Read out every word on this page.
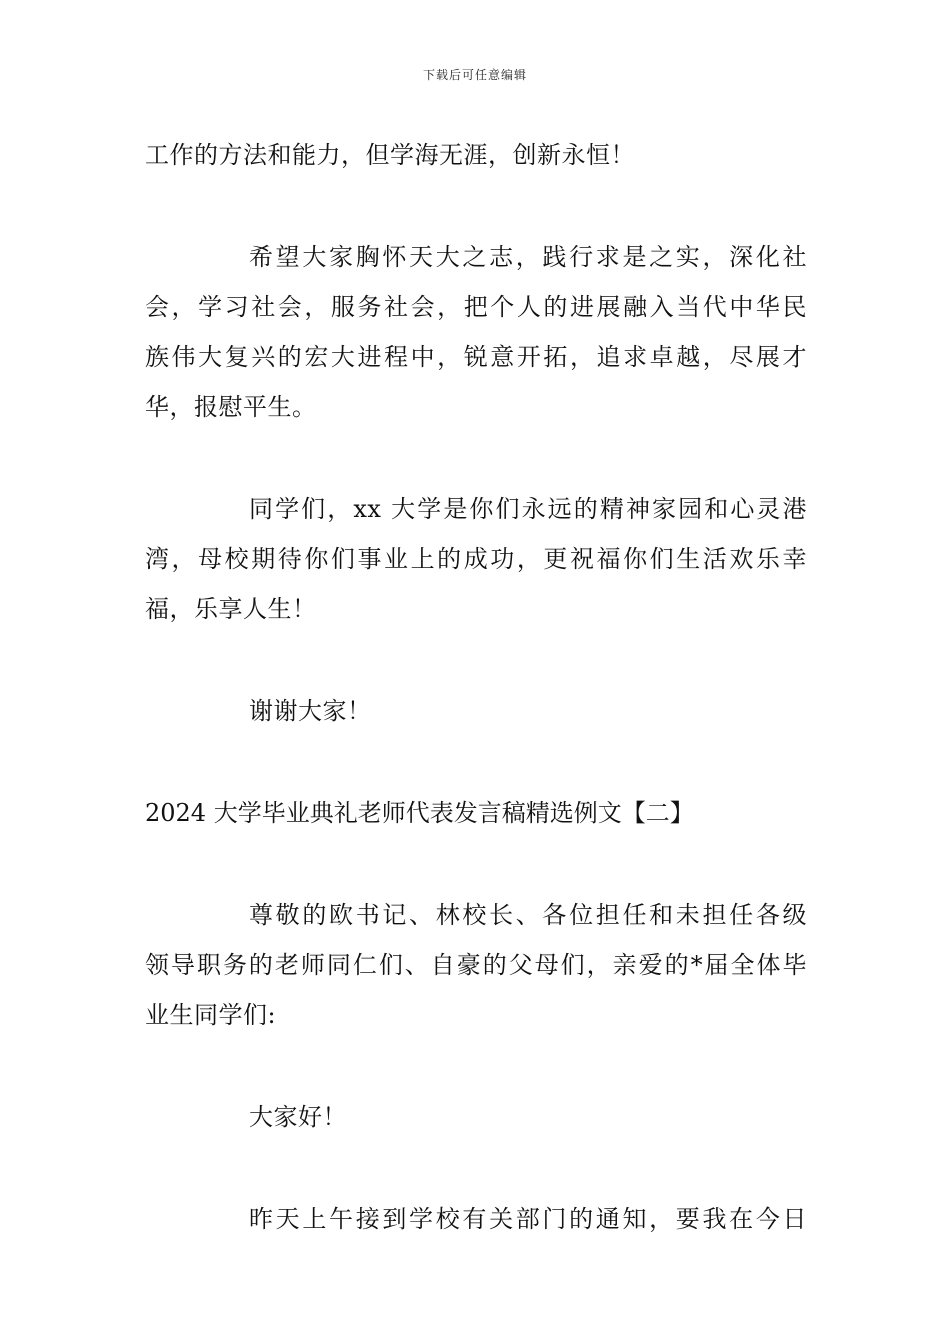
下载后可任意编辑
工作的方法和能力，但学海无涯，创新永恒！
希望大家胸怀天大之志，践行求是之实，深化社
会，学习社会，服务社会，把个人的进展融入当代中华民
族伟大复兴的宏大进程中，锐意开拓，追求卓越，尽展才
华，报慰平生。
同学们，xx 大学是你们永远的精神家园和心灵港
湾，母校期待你们事业上的成功，更祝福你们生活欢乐幸
福，乐享人生！
谢谢大家！
2024 大学毕业典礼老师代表发言稿精选例文【二】
尊敬的欧书记、林校长、各位担任和未担任各级
领导职务的老师同仁们、自豪的父母们，亲爱的*届全体毕
业生同学们:
大家好！
昨天上午接到学校有关部门的通知，要我在今日
